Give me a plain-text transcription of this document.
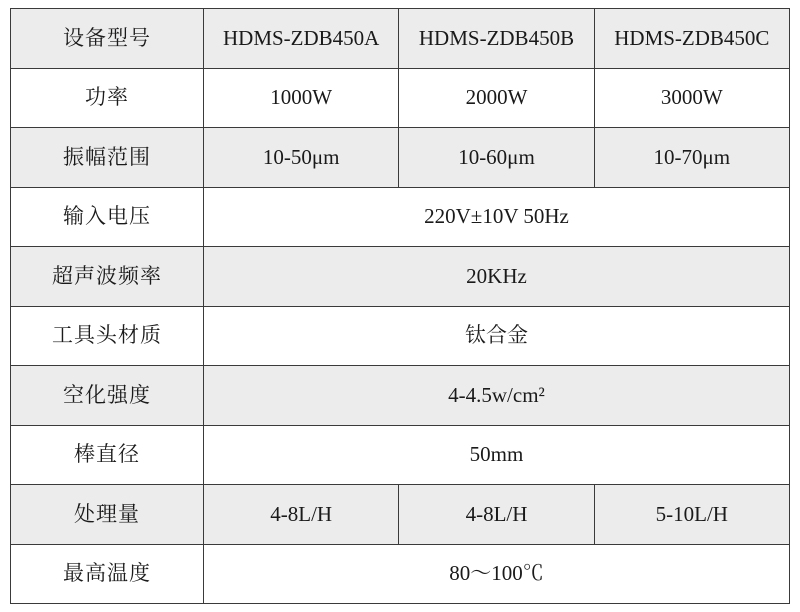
设备型号	HDMS-ZDB450A	HDMS-ZDB450B	HDMS-ZDB450C
功率	1000W	2000W	3000W
振幅范围	10-50μm	10-60μm	10-70μm
输入电压	220V±10V 50Hz		
超声波频率	20KHz		
工具头材质	钛合金		
空化强度	4-4.5w/cm²		
棒直径	50mm		
处理量	4-8L/H	4-8L/H	5-10L/H
最高温度	80～100℃		
